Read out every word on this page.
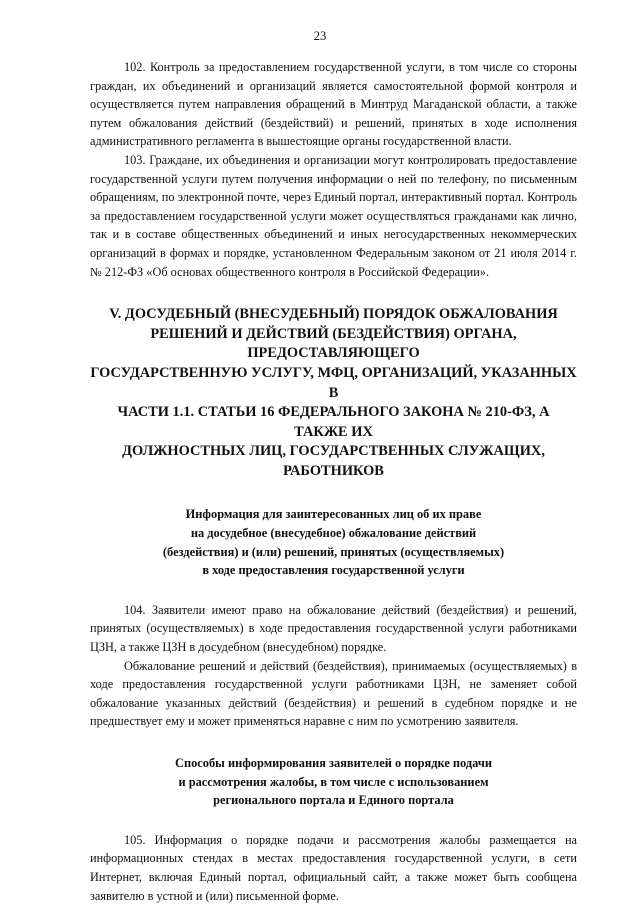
23

102. Контроль за предоставлением государственной услуги, в том числе со стороны граждан, их объединений и организаций является самостоятельной формой контроля и осуществляется путем направления обращений в Минтруд Магаданской области, а также путем обжалования действий (бездействий) и решений, принятых в ходе исполнения административного регламента в вышестоящие органы государственной власти.

103. Граждане, их объединения и организации могут контролировать предоставление государственной услуги путем получения информации о ней по телефону, по письменным обращениям, по электронной почте, через Единый портал, интерактивный портал. Контроль за предоставлением государственной услуги может осуществляться гражданами как лично, так и в составе общественных объединений и иных негосударственных некоммерческих организаций в формах и порядке, установленном Федеральным законом от 21 июля 2014 г. № 212-ФЗ «Об основах общественного контроля в Российской Федерации».

V. ДОСУДЕБНЫЙ (ВНЕСУДЕБНЫЙ) ПОРЯДОК ОБЖАЛОВАНИЯ
РЕШЕНИЙ И ДЕЙСТВИЙ (БЕЗДЕЙСТВИЯ) ОРГАНА, ПРЕДОСТАВЛЯЮЩЕГО
ГОСУДАРСТВЕННУЮ УСЛУГУ, МФЦ, ОРГАНИЗАЦИЙ, УКАЗАННЫХ В
ЧАСТИ 1.1. СТАТЬИ 16 ФЕДЕРАЛЬНОГО ЗАКОНА № 210-ФЗ, А ТАКЖЕ ИХ
ДОЛЖНОСТНЫХ ЛИЦ, ГОСУДАРСТВЕННЫХ СЛУЖАЩИХ, РАБОТНИКОВ
Информация для заинтересованных лиц об их праве
на досудебное (внесудебное) обжалование действий
(бездействия) и (или) решений, принятых (осуществляемых)
в ходе предоставления государственной услуги

104. Заявители имеют право на обжалование действий (бездействия) и решений, принятых (осуществляемых) в ходе предоставления государственной услуги работниками ЦЗН, а также ЦЗН в досудебном (внесудебном) порядке.

Обжалование решений и действий (бездействия), принимаемых (осуществляемых) в ходе предоставления государственной услуги работниками ЦЗН, не заменяет собой обжалование указанных действий (бездействия) и решений в судебном порядке и не предшествует ему и может применяться наравне с ним по усмотрению заявителя.

Способы информирования заявителей о порядке подачи
и рассмотрения жалобы, в том числе с использованием
регионального портала и Единого портала

105. Информация о порядке подачи и рассмотрения жалобы размещается на информационных стендах в местах предоставления государственной услуги, в сети Интернет, включая Единый портал, официальный сайт, а также может быть сообщена заявителю в устной и (или) письменной форме.
